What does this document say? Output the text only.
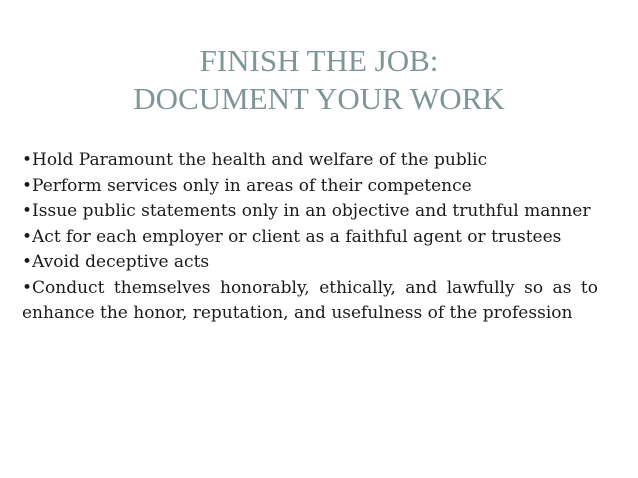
FINISH THE JOB:
DOCUMENT YOUR WORK

•Hold Paramount the health and welfare of the public

•Perform services only in areas of their competence

•Issue public statements only in an objective and truthful manner

•Act for each employer or client as a faithful agent or trustees

•Avoid deceptive acts

•Conduct themselves honorably, ethically, and lawfully so as to enhance the honor, reputation, and usefulness of the profession
